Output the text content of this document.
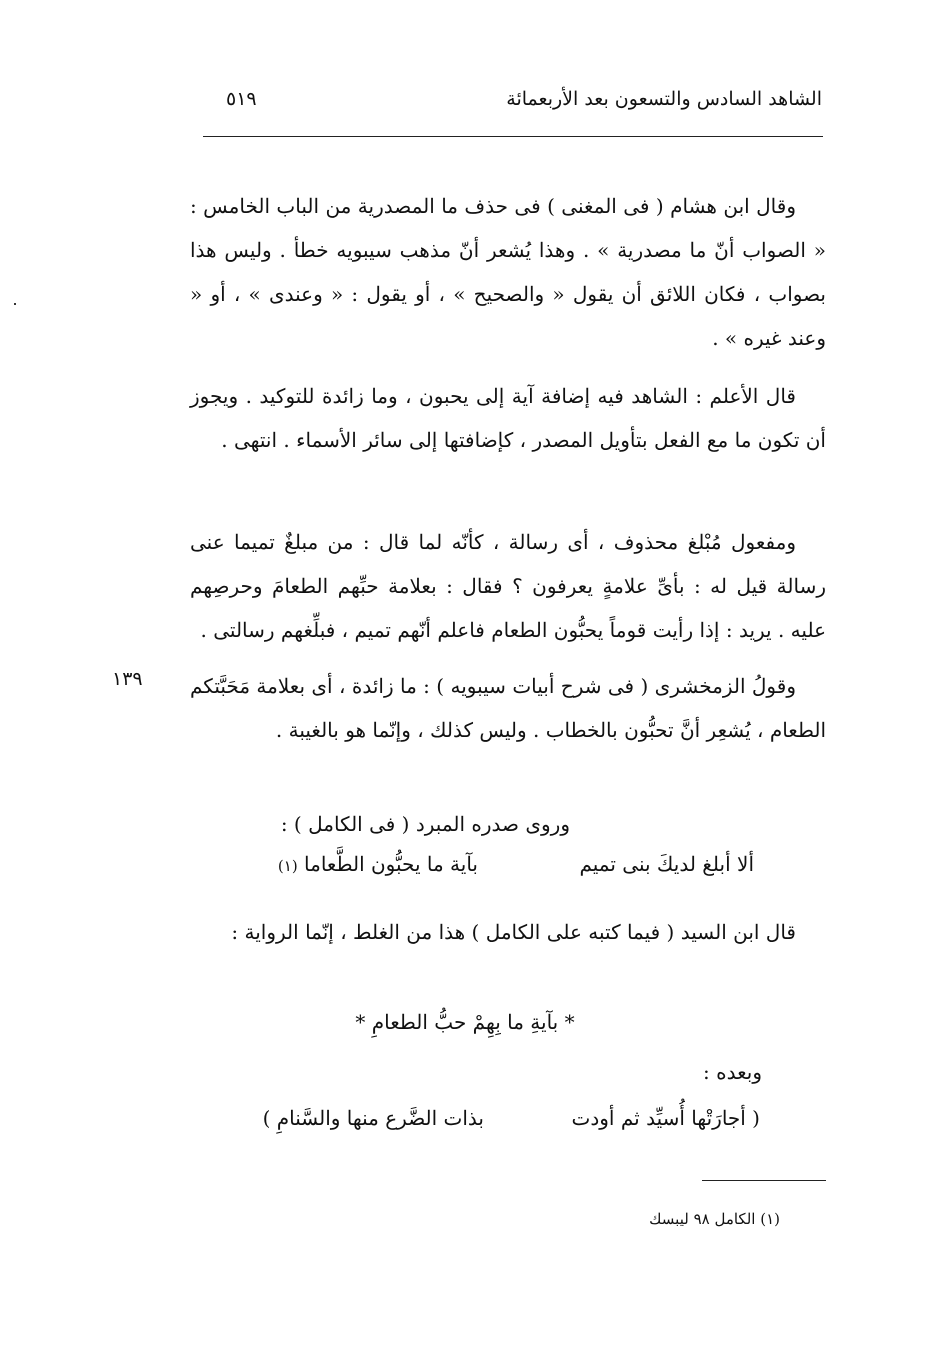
الشاهد السادس والتسعون بعد الأربعمائة
٥١٩

وقال ابن هشام ( فى المغنى ) فى حذف ما المصدرية من الباب الخامس : « الصواب أنّ ما مصدرية » . وهذا يُشعر أنّ مذهب سيبويه خطأ . وليس هذا بصواب ، فكان اللائق أن يقول « والصحيح » ، أو يقول : « وعندى » ، أو « وعند غيره » .

قال الأعلم : الشاهد فيه إضافة آية إلى يحبون ، وما زائدة للتوكيد . ويجوز أن تكون ما مع الفعل بتأويل المصدر ، كإضافتها إلى سائر الأسماء . انتهى .

ومفعول مُبْلغ محذوف ، أى رسالة ، كأنّه لما قال : من مبلغٌ تميما عنى رسالة قيل له : بأىِّ علامةٍ يعرفون ؟ فقال : بعلامة حبِّهم الطعامَ وحرصِهم عليه . يريد : إذا رأيت قوماً يحبُّون الطعام فاعلم أنّهم تميم ، فبلِّغهم رسالتى .

١٣٩ وقولُ الزمخشرى ( فى شرح أبيات سيبويه ) : ما زائدة ، أى بعلامة مَحَبَّتكم الطعام ، يُشعِر أنَّ تحبُّون بالخطاب . وليس كذلك ، وإنّما هو بالغيبة .

وروى صدره المبرد ( فى الكامل ) :
ألا أبلغ لديكَ بنى تميم
بآية ما يحبُّون الطَّعاما (١)

قال ابن السيد ( فيما كتبه على الكامل ) هذا من الغلط ، إنّما الرواية :

* بآيةِ ما بِهِمْ حبُّ الطعامِ *
وبعده :
( أجارَتْها أُسيِّد ثم أودت
بذات الضَّرع منها والسَّنامِ )
(١) الكامل ٩٨ ليبسك
